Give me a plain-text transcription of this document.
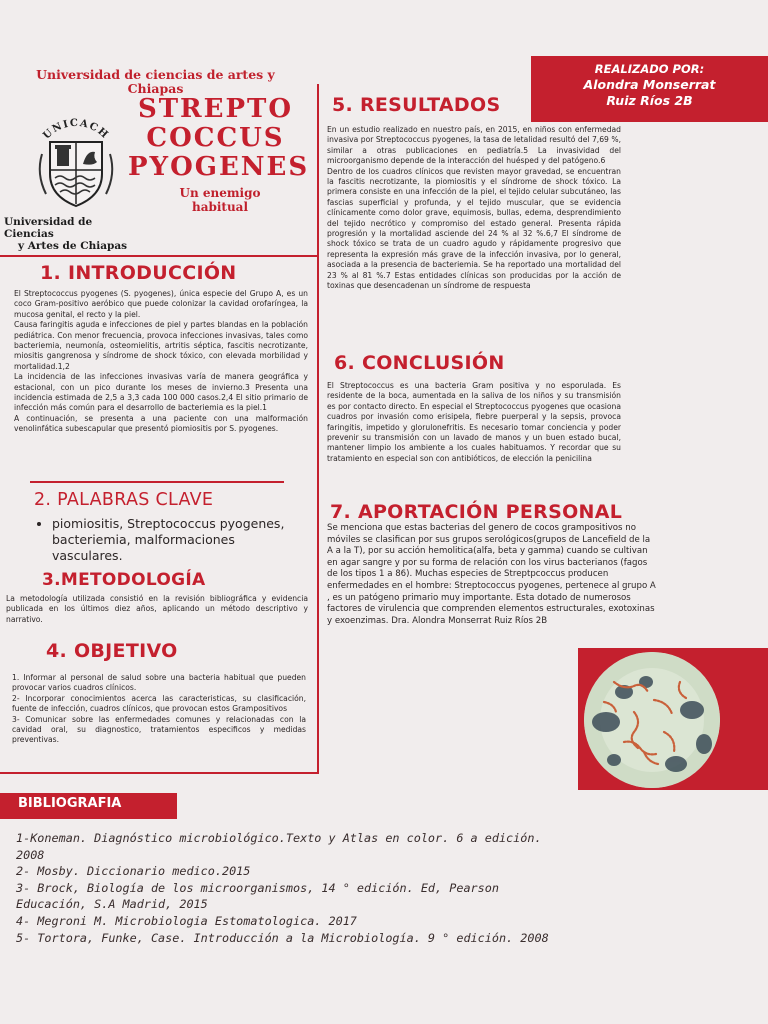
Universidad de ciencias de artes y Chiapas
UNICACH
STREPTO
COCCUS
PYOGENES
Un enemigo habitual
Universidad de Ciencias
y Artes de Chiapas
REALIZADO POR:
Alondra Monserrat
Ruiz Ríos 2B
1. INTRODUCCIÓN

El Streptococcus pyogenes (S. pyogenes), única especie del Grupo A, es un coco Gram-positivo aeróbico que puede colonizar la cavidad orofaríngea, la mucosa genital, el recto y la piel.

Causa faringitis aguda e infecciones de piel y partes blandas en la población pediátrica. Con menor frecuencia, provoca infecciones invasivas, tales como bacteriemia, neumonía, osteomielitis, artritis séptica, fascitis necrotizante, miositis gangrenosa y síndrome de shock tóxico, con elevada morbilidad y mortalidad.1,2

La incidencia de las infecciones invasivas varía de manera geográfica y estacional, con un pico durante los meses de invierno.3 Presenta una incidencia estimada de 2,5 a 3,3 cada 100 000 casos.2,4 El sitio primario de infección más común para el desarrollo de bacteriemia es la piel.1

A continuación, se presenta a una paciente con una malformación venolinfática subescapular que presentó piomiositis por S. pyogenes.

2. PALABRAS CLAVE
• piomiositis, Streptococcus pyogenes, bacteriemia, malformaciones vasculares.
3.METODOLOGÍA

La metodología utilizada consistió en la revisión bibliográfica y evidencia publicada en los últimos diez años, aplicando un método descriptivo y narrativo.

4. OBJETIVO

1. Informar al personal de salud sobre una bacteria habitual que pueden provocar varios cuadros clínicos.

2- Incorporar conocimientos acerca las caracteristicas, su clasificación, fuente de infección, cuadros clínicos, que provocan estos Grampositivos

3- Comunicar sobre las enfermedades comunes y relacionadas con la cavidad oral, su diagnostico, tratamientos especificos y medidas preventivas.

5. RESULTADOS

En un estudio realizado en nuestro país, en 2015, en niños con enfermedad invasiva por Streptococcus pyogenes, la tasa de letalidad resultó del 7,69 %, similar a otras publicaciones en pediatría.5 La invasividad del microorganismo depende de la interacción del huésped y del patógeno.6

Dentro de los cuadros clínicos que revisten mayor gravedad, se encuentran la fascitis necrotizante, la piomiositis y el síndrome de shock tóxico. La primera consiste en una infección de la piel, el tejido celular subcutáneo, las fascias superficial y profunda, y el tejido muscular, que se evidencia clínicamente como dolor grave, equimosis, bullas, edema, desprendimiento del tejido necrótico y compromiso del estado general. Presenta rápida progresión y la mortalidad asciende del 24 % al 32 %.6,7 El síndrome de shock tóxico se trata de un cuadro agudo y rápidamente progresivo que representa la expresión más grave de la infección invasiva, por lo general, asociada a la presencia de bacteriemia. Se ha reportado una mortalidad del 23 % al 81 %.7 Estas entidades clínicas son producidas por la acción de toxinas que desencadenan un síndrome de respuesta

6. CONCLUSIÓN

El Streptococcus es una bacteria Gram positiva y no esporulada. Es residente de la boca, aumentada en la saliva de los niños y su transmisión es por contacto directo. En especial el Streptococcus pyogenes que ocasiona cuadros por invasión como erisipela, fiebre puerperal y la sepsis, provoca faringitis, impetido y glorulonefritis. Es necesario tomar conciencia y poder prevenir su transmisión con un lavado de manos y un buen estado bucal, mantener limpio los ambiente a los cuales habituamos. Y recordar que su tratamiento en especial son con antibióticos, de elección la penicilina

7. APORTACIÓN PERSONAL

Se menciona que estas bacterias del genero de cocos grampositivos no móviles se clasifican por sus grupos serológicos(grupos de Lancefield de la A a la T), por su acción hemolitica(alfa, beta y gamma) cuando se cultivan en agar sangre y por su forma de relación con los virus bacterianos (fagos de los tipos 1 a 86). Muchas especies de Streptpcoccus producen enfermedades en el hombre: Streptococcus pyogenes, pertenece al grupo A , es un patógeno primario muy importante. Esta dotado de numerosos factores de virulencia que comprenden elementos estructurales, exotoxinas y exoenzimas. Dra. Alondra Monserrat Ruiz Ríos 2B

BIBLIOGRAFIA
1-Koneman. Diagnóstico microbiológico.Texto y Atlas en color. 6 a edición. 2008
2- Mosby. Diccionario medico.2015
3- Brock, Biología de los microorganismos, 14 ° edición. Ed, Pearson Educación, S.A Madrid, 2015
4- Megroni M. Microbiologia Estomatologica. 2017
5- Tortora, Funke, Case. Introducción a la Microbiología. 9 ° edición. 2008
